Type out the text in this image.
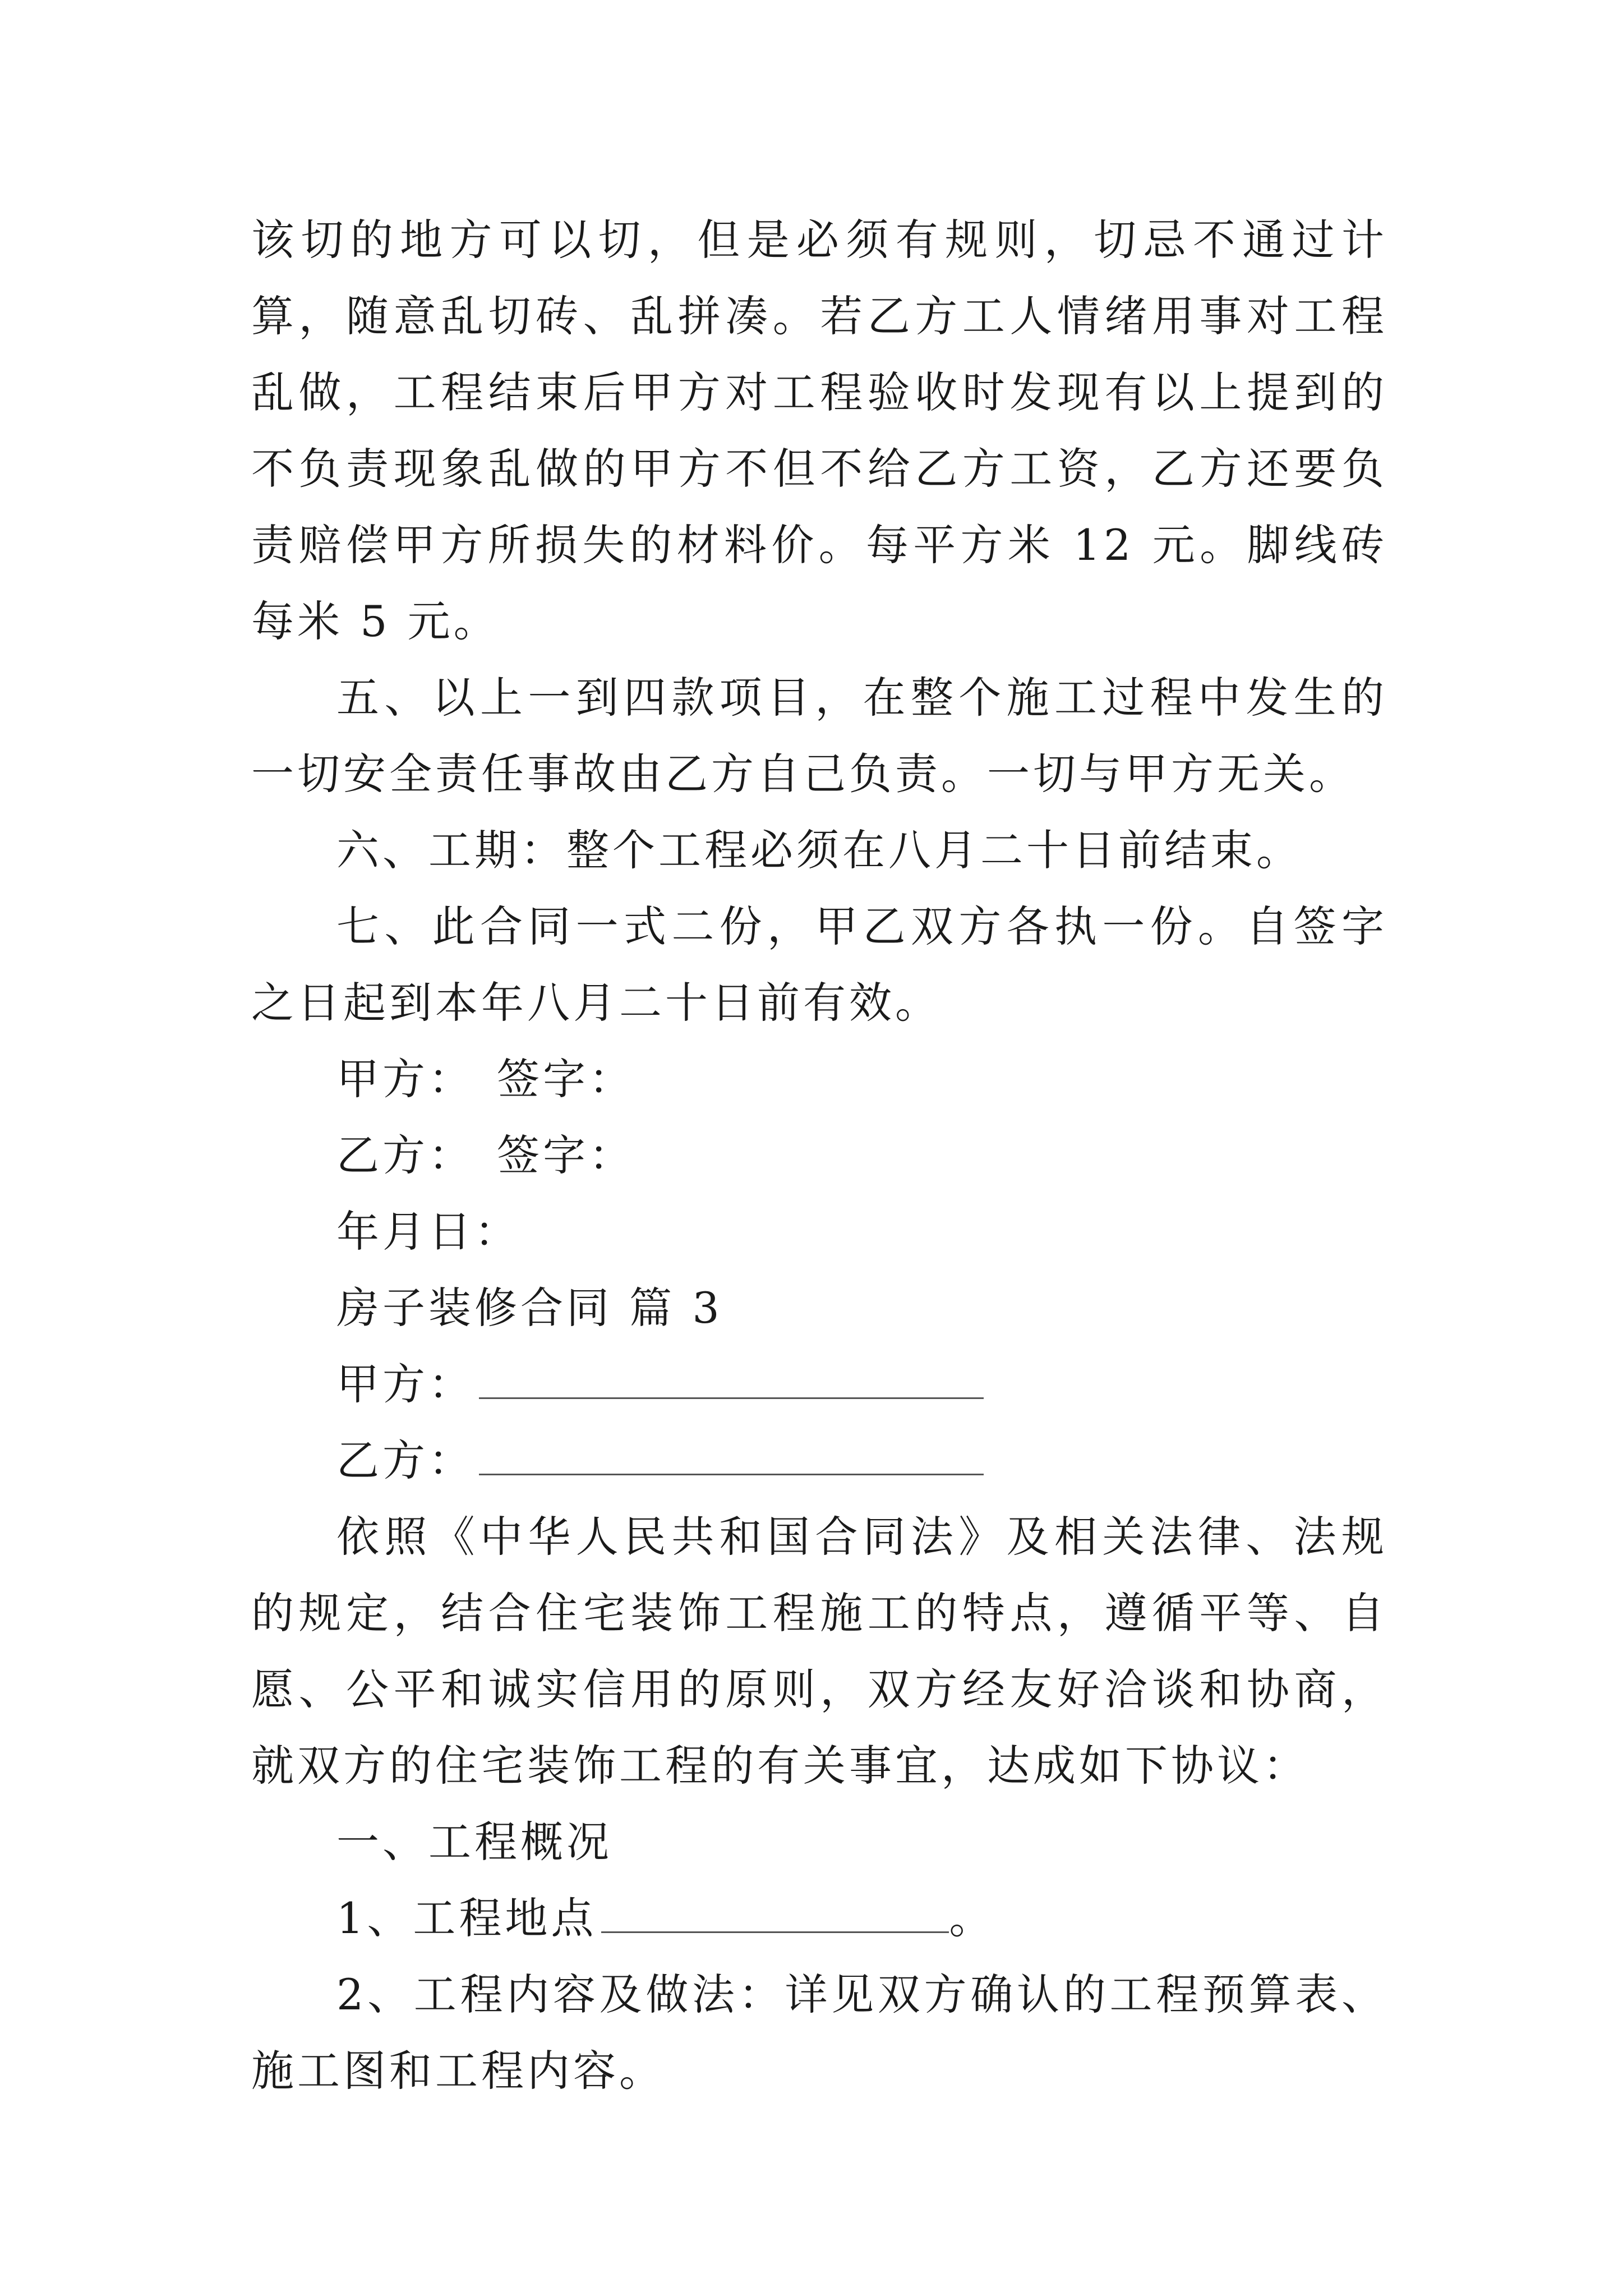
该切的地方可以切，但是必须有规则，切忌不通过计算，随意乱切砖、乱拼凑。若乙方工人情绪用事对工程乱做，工程结束后甲方对工程验收时发现有以上提到的不负责现象乱做的甲方不但不给乙方工资，乙方还要负责赔偿甲方所损失的材料价。每平方米 12 元。脚线砖每米 5 元。

五、以上一到四款项目，在整个施工过程中发生的一切安全责任事故由乙方自己负责。一切与甲方无关。

六、工期：整个工程必须在八月二十日前结束。

七、此合同一式二份，甲乙双方各执一份。自签字之日起到本年八月二十日前有效。

甲方： 签字：

乙方： 签字：

年月日：

房子装修合同 篇 3

甲方：

乙方：

依照《中华人民共和国合同法》及相关法律、法规的规定，结合住宅装饰工程施工的特点，遵循平等、自愿、公平和诚实信用的原则，双方经友好洽谈和协商，就双方的住宅装饰工程的有关事宜，达成如下协议：

一、工程概况

1、工程地点	。

2、工程内容及做法：详见双方确认的工程预算表、施工图和工程内容。
